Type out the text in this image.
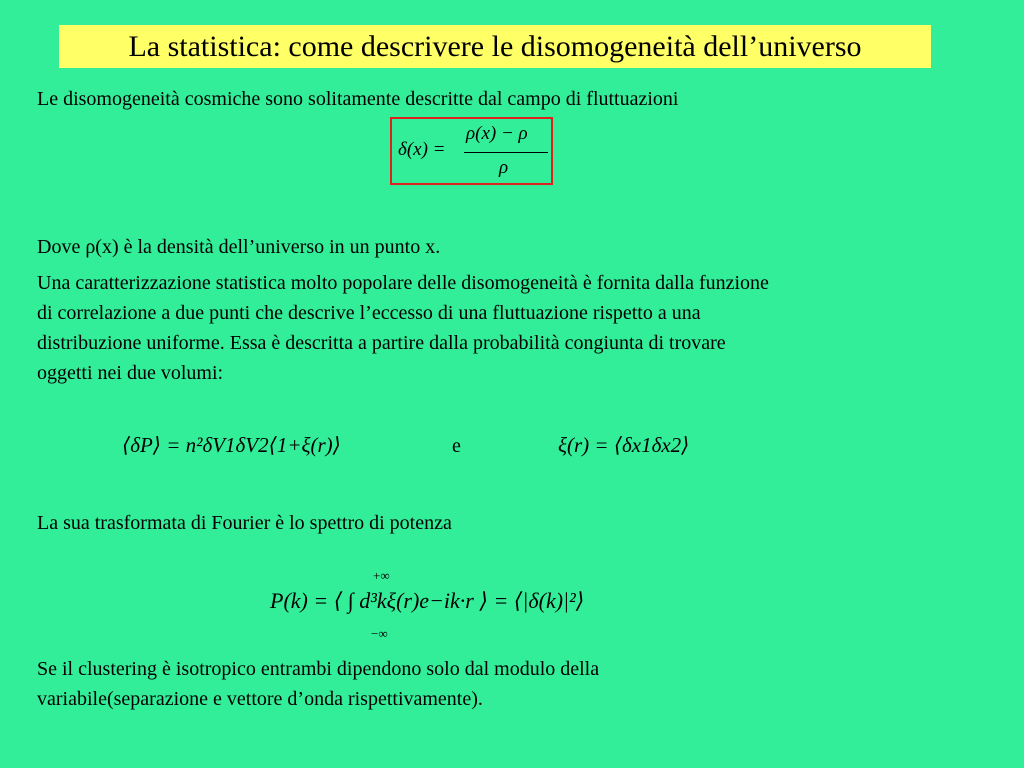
La statistica: come descrivere le disomogeneità dell’universo

Le disomogeneità cosmiche sono solitamente descritte dal campo di fluttuazioni

δ(x) =
ρ(x) − ρ
ρ

Dove ρ(x) è la densità dell’universo in un punto x.

Una caratterizzazione statistica molto popolare delle disomogeneità è fornita dalla funzione

di correlazione a due punti che descrive l’eccesso di una fluttuazione rispetto a una

distribuzione uniforme. Essa è descritta a partire dalla probabilità congiunta di trovare

oggetti nei due volumi:

⟨δP⟩ = n²δV1δV2⟨1+ξ(r)⟩	e	ξ(r) = ⟨δx1δx2⟩

La sua trasformata di Fourier è lo spettro di potenza

+∞
P(k) = ⟨ ∫ d³kξ(r)e−ik·r ⟩ = ⟨|δ(k)|²⟩
−∞

Se il clustering è isotropico entrambi dipendono solo dal modulo della

variabile(separazione e vettore d’onda rispettivamente).
